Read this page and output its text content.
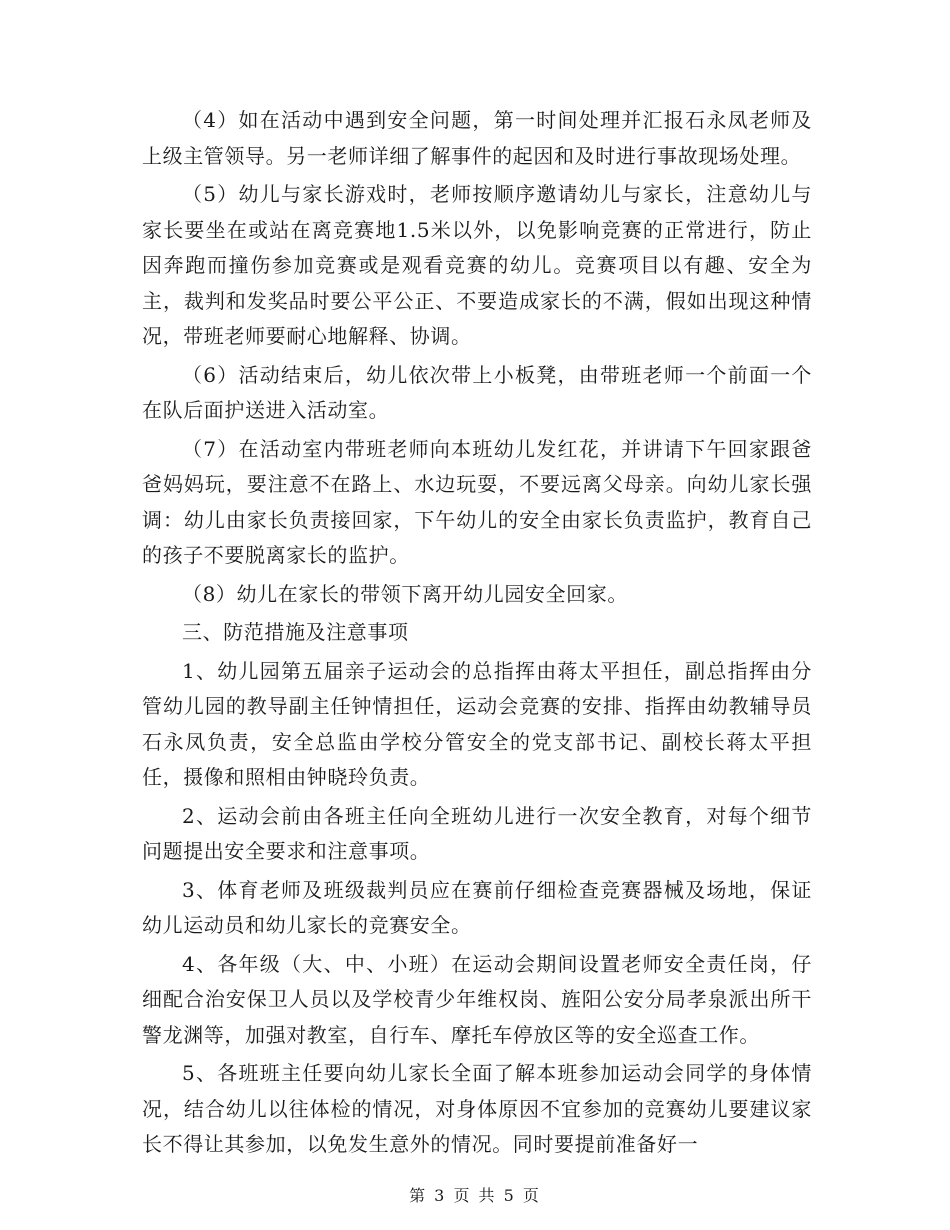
（4）如在活动中遇到安全问题，第一时间处理并汇报石永凤老师及上级主管领导。另一老师详细了解事件的起因和及时进行事故现场处理。

（5）幼儿与家长游戏时，老师按顺序邀请幼儿与家长，注意幼儿与家长要坐在或站在离竞赛地1.5米以外，以免影响竞赛的正常进行，防止因奔跑而撞伤参加竞赛或是观看竞赛的幼儿。竞赛项目以有趣、安全为主，裁判和发奖品时要公平公正、不要造成家长的不满，假如出现这种情况，带班老师要耐心地解释、协调。

（6）活动结束后，幼儿依次带上小板凳，由带班老师一个前面一个在队后面护送进入活动室。

（7）在活动室内带班老师向本班幼儿发红花，并讲请下午回家跟爸爸妈妈玩，要注意不在路上、水边玩耍，不要远离父母亲。向幼儿家长强调：幼儿由家长负责接回家，下午幼儿的安全由家长负责监护，教育自己的孩子不要脱离家长的监护。

（8）幼儿在家长的带领下离开幼儿园安全回家。

三、防范措施及注意事项

1、幼儿园第五届亲子运动会的总指挥由蒋太平担任，副总指挥由分管幼儿园的教导副主任钟情担任，运动会竞赛的安排、指挥由幼教辅导员石永凤负责，安全总监由学校分管安全的党支部书记、副校长蒋太平担任，摄像和照相由钟晓玲负责。

2、运动会前由各班主任向全班幼儿进行一次安全教育，对每个细节问题提出安全要求和注意事项。

3、体育老师及班级裁判员应在赛前仔细检查竞赛器械及场地，保证幼儿运动员和幼儿家长的竞赛安全。

4、各年级（大、中、小班）在运动会期间设置老师安全责任岗，仔细配合治安保卫人员以及学校青少年维权岗、旌阳公安分局孝泉派出所干警龙渊等，加强对教室，自行车、摩托车停放区等的安全巡查工作。

5、各班班主任要向幼儿家长全面了解本班参加运动会同学的身体情况，结合幼儿以往体检的情况，对身体原因不宜参加的竞赛幼儿要建议家长不得让其参加，以免发生意外的情况。同时要提前准备好一

第 3 页 共 5 页
